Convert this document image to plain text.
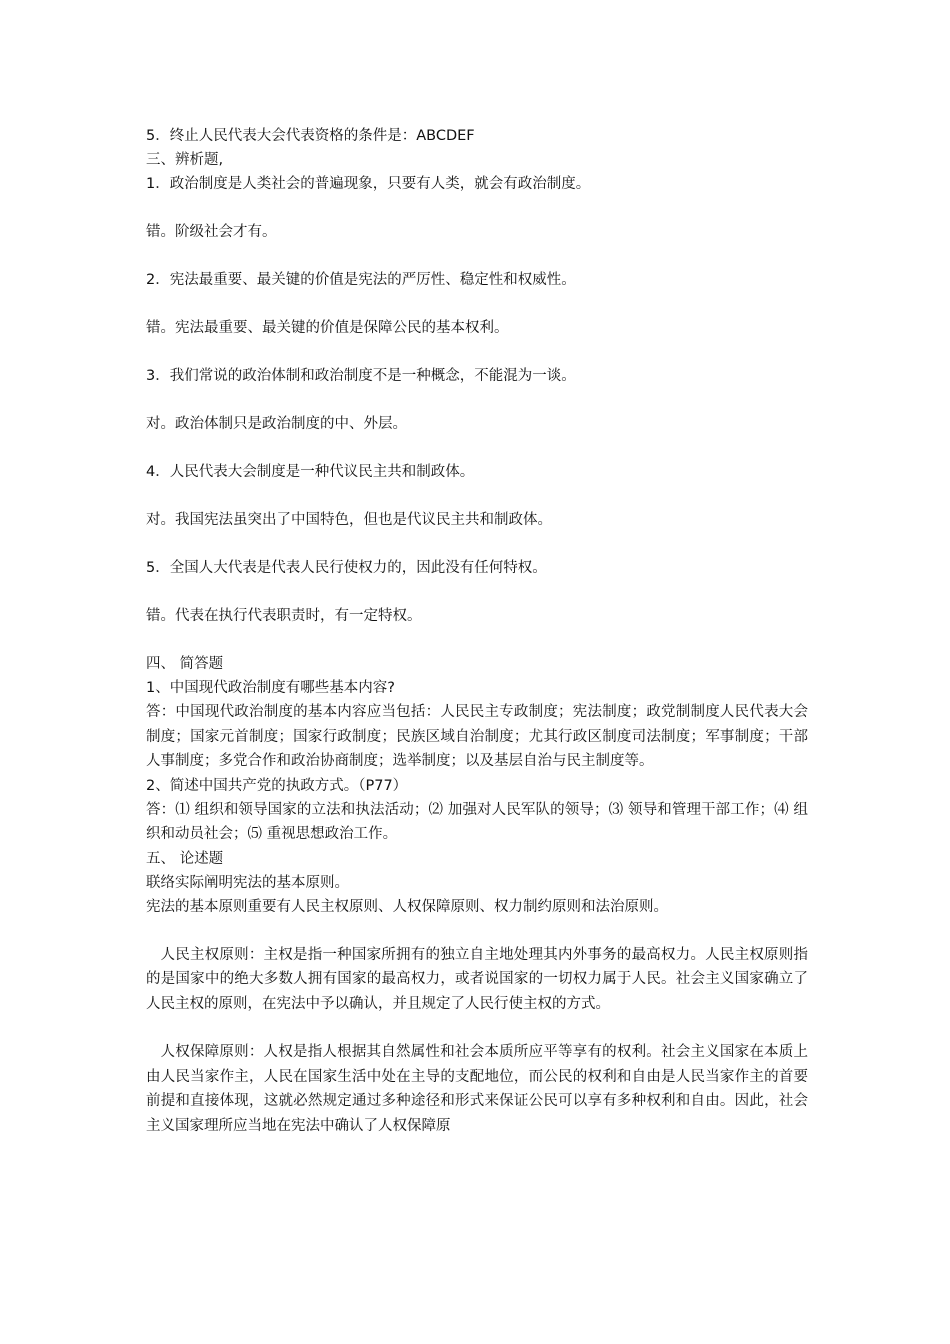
5．终止人民代表大会代表资格的条件是：ABCDEF
三、辨析题,
1．政治制度是人类社会的普遍现象，只要有人类，就会有政治制度。
错。阶级社会才有。
2．宪法最重要、最关键的价值是宪法的严厉性、稳定性和权威性。
错。宪法最重要、最关键的价值是保障公民的基本权利。
3．我们常说的政治体制和政治制度不是一种概念，不能混为一谈。
对。政治体制只是政治制度的中、外层。
4．人民代表大会制度是一种代议民主共和制政体。
对。我国宪法虽突出了中国特色，但也是代议民主共和制政体。
5．全国人大代表是代表人民行使权力的，因此没有任何特权。
错。代表在执行代表职责时，有一定特权。
四、 简答题
1、中国现代政治制度有哪些基本内容?
答：中国现代政治制度的基本内容应当包括：人民民主专政制度；宪法制度；政党制制度人民代表大会制度；国家元首制度；国家行政制度；民族区域自治制度；尤其行政区制度司法制度；军事制度；干部人事制度；多党合作和政治协商制度；选举制度；以及基层自治与民主制度等。
2、简述中国共产党的执政方式。（P77）
答：⑴ 组织和领导国家的立法和执法活动；⑵ 加强对人民军队的领导；⑶ 领导和管理干部工作；⑷ 组织和动员社会；⑸ 重视思想政治工作。
五、 论述题
联络实际阐明宪法的基本原则。
宪法的基本原则重要有人民主权原则、人权保障原则、权力制约原则和法治原则。
人民主权原则：主权是指一种国家所拥有的独立自主地处理其内外事务的最高权力。人民主权原则指的是国家中的绝大多数人拥有国家的最高权力，或者说国家的一切权力属于人民。社会主义国家确立了人民主权的原则，在宪法中予以确认，并且规定了人民行使主权的方式。
人权保障原则：人权是指人根据其自然属性和社会本质所应平等享有的权利。社会主义国家在本质上由人民当家作主，人民在国家生活中处在主导的支配地位，而公民的权利和自由是人民当家作主的首要前提和直接体现，这就必然规定通过多种途径和形式来保证公民可以享有多种权利和自由。因此，社会主义国家理所应当地在宪法中确认了人权保障原
